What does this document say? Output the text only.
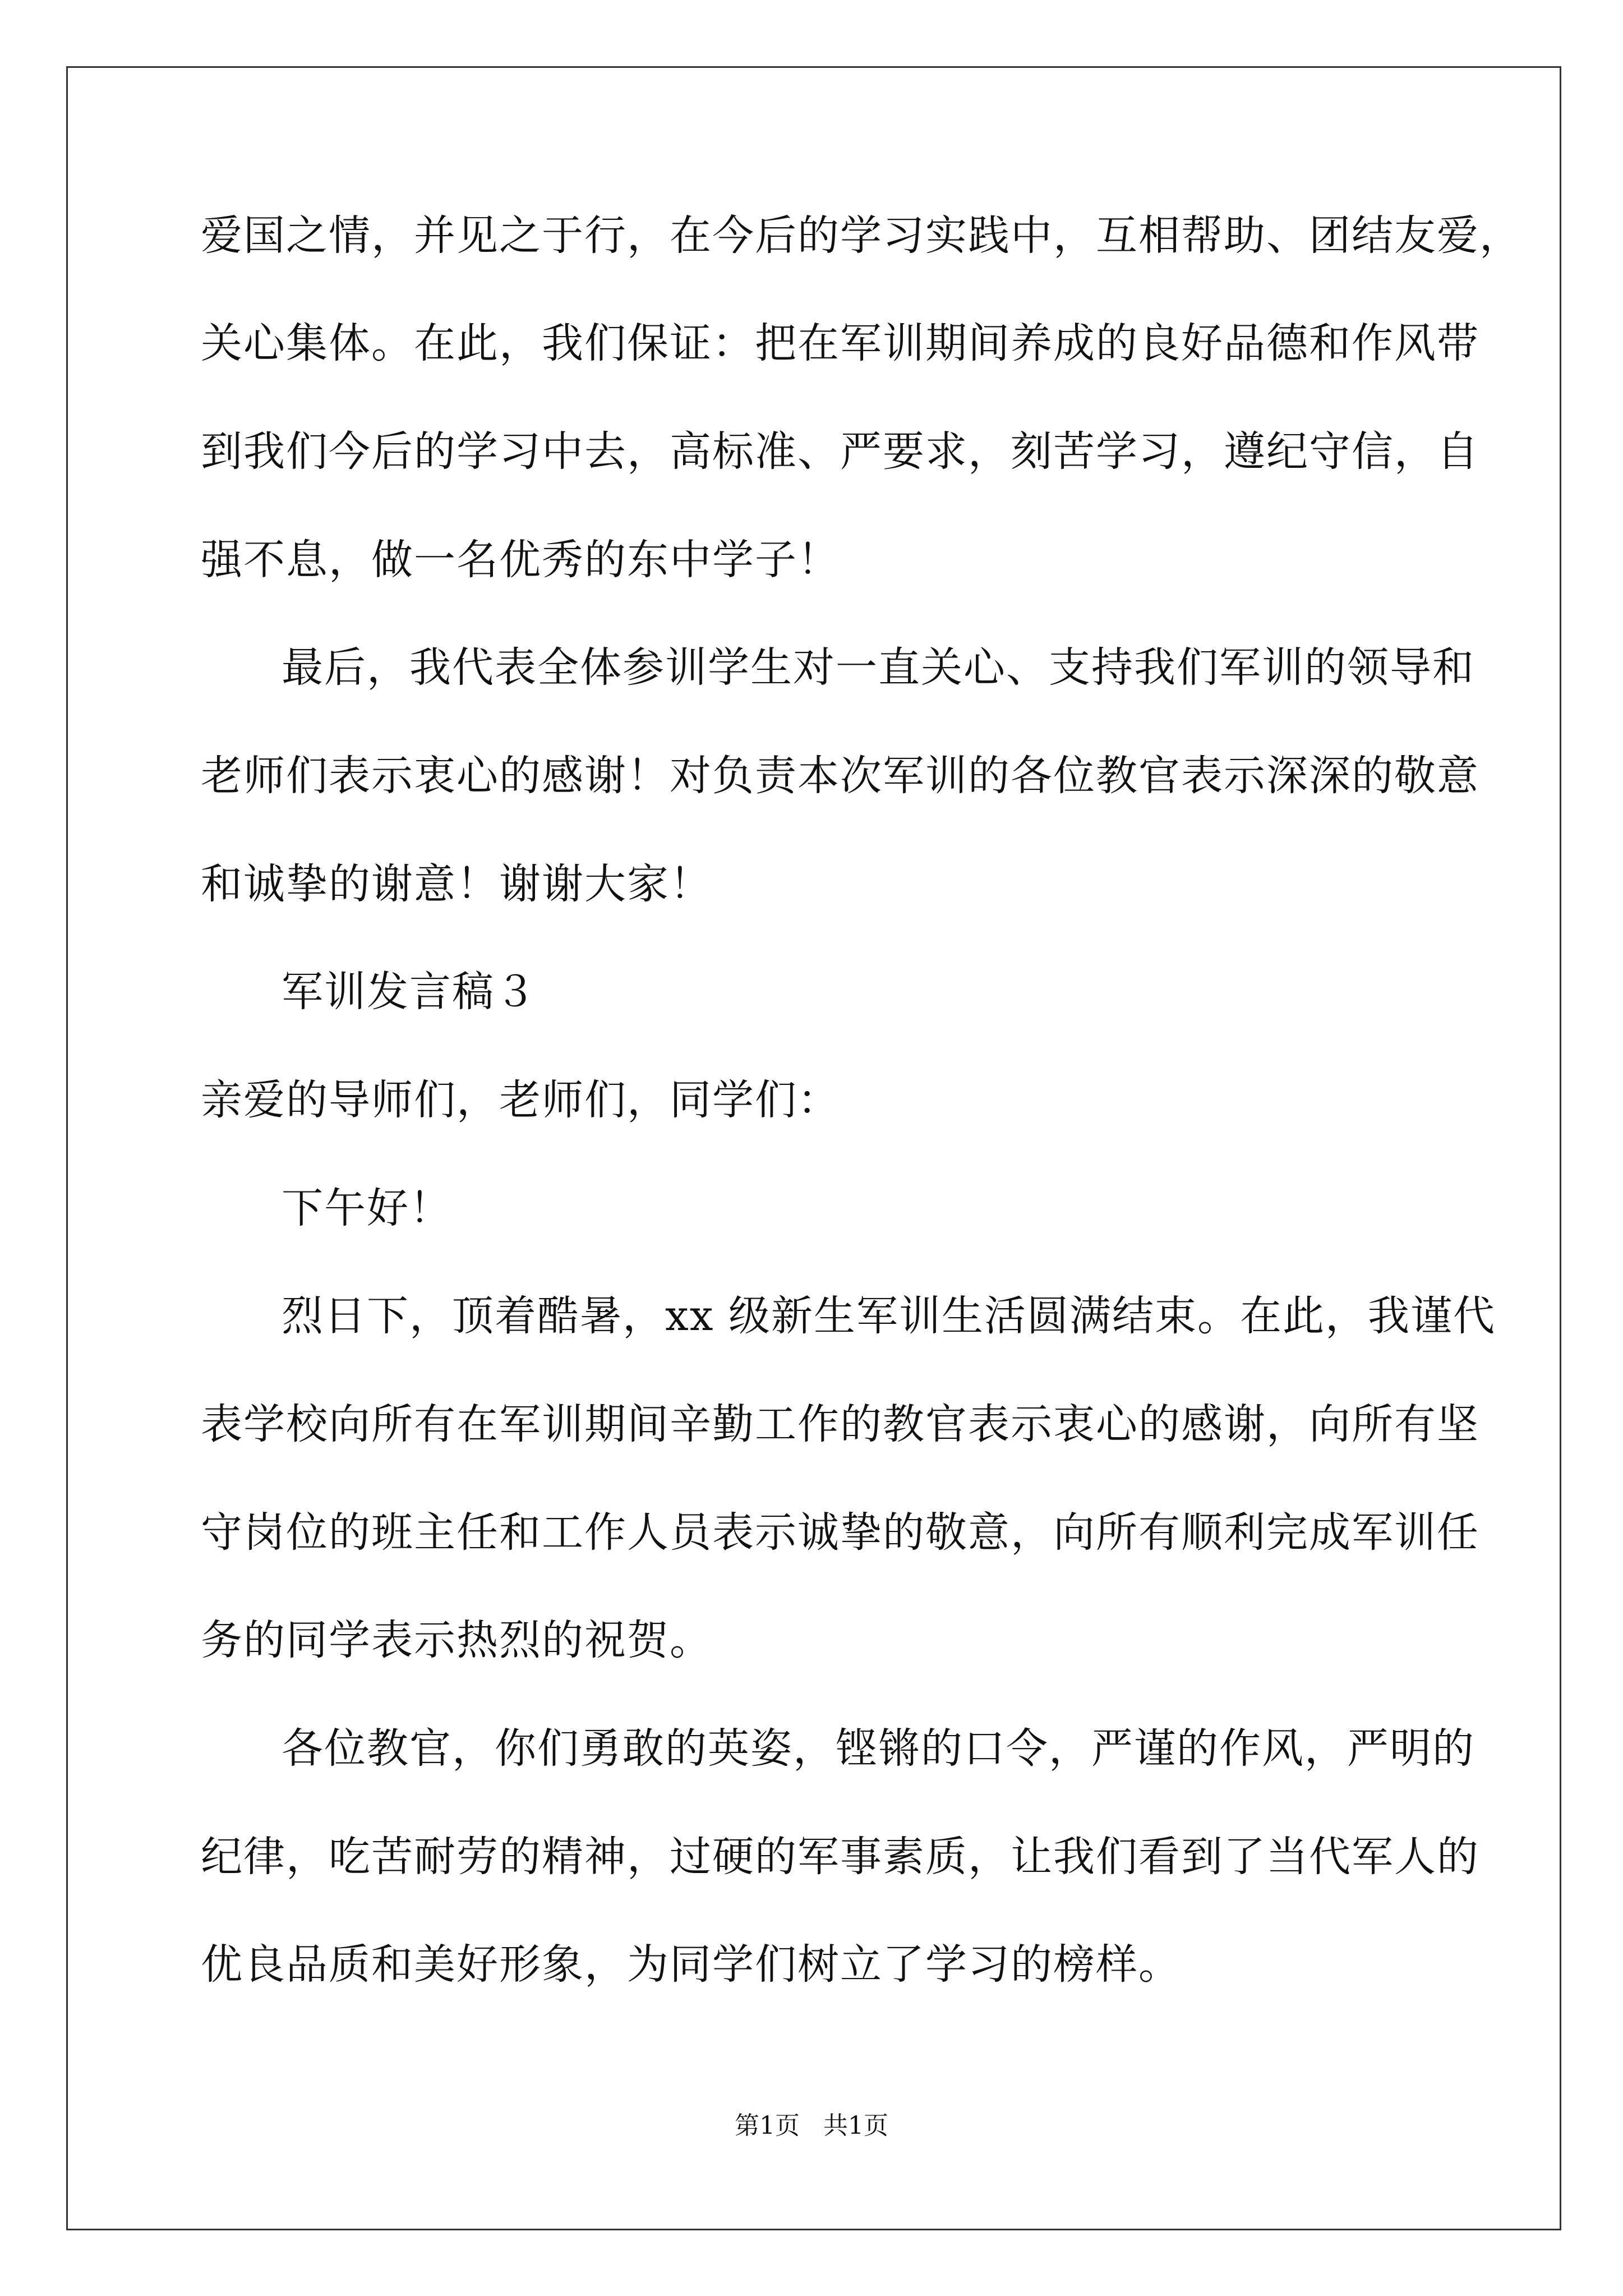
爱国之情，并见之于行，在今后的学习实践中，互相帮助、团结友爱，
关心集体。在此，我们保证：把在军训期间养成的良好品德和作风带
到我们今后的学习中去，高标准、严要求，刻苦学习，遵纪守信，自
强不息，做一名优秀的东中学子！
最后，我代表全体参训学生对一直关心、支持我们军训的领导和
老师们表示衷心的感谢！对负责本次军训的各位教官表示深深的敬意
和诚挚的谢意！谢谢大家！
军训发言稿３
亲爱的导师们，老师们，同学们：
下午好！
烈日下，顶着酷暑，xx 级新生军训生活圆满结束。在此，我谨代
表学校向所有在军训期间辛勤工作的教官表示衷心的感谢，向所有坚
守岗位的班主任和工作人员表示诚挚的敬意，向所有顺利完成军训任
务的同学表示热烈的祝贺。
各位教官，你们勇敢的英姿，铿锵的口令，严谨的作风，严明的
纪律，吃苦耐劳的精神，过硬的军事素质，让我们看到了当代军人的
优良品质和美好形象，为同学们树立了学习的榜样。
第1页   共1页
